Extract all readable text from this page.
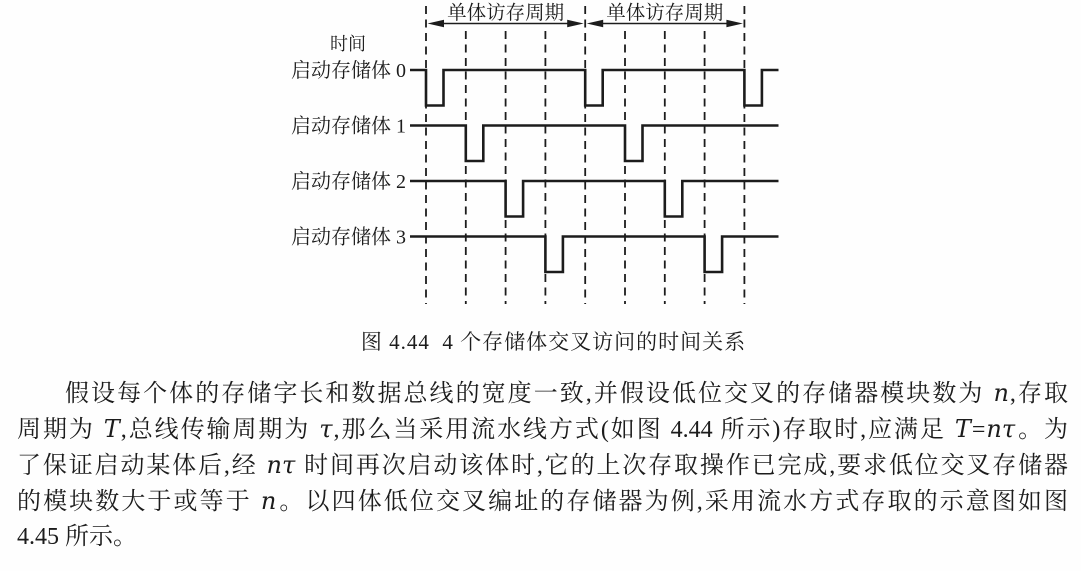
单体访存周期 单体访存周期
时间
启动存储体 0
启动存储体 1
启动存储体 2
启动存储体 3
图 4.44  4 个存储体交叉访问的时间关系
假设每个体的存储字长和数据总线的宽度一致,并假设低位交叉的存储器模块数为 n,存取
周期为 T,总线传输周期为 τ,那么当采用流水线方式(如图 4.44 所示)存取时,应满足 T=nτ。为
了保证启动某体后,经 nτ 时间再次启动该体时,它的上次存取操作已完成,要求低位交叉存储器
的模块数大于或等于 n。以四体低位交叉编址的存储器为例,采用流水方式存取的示意图如图
4.45 所示。
